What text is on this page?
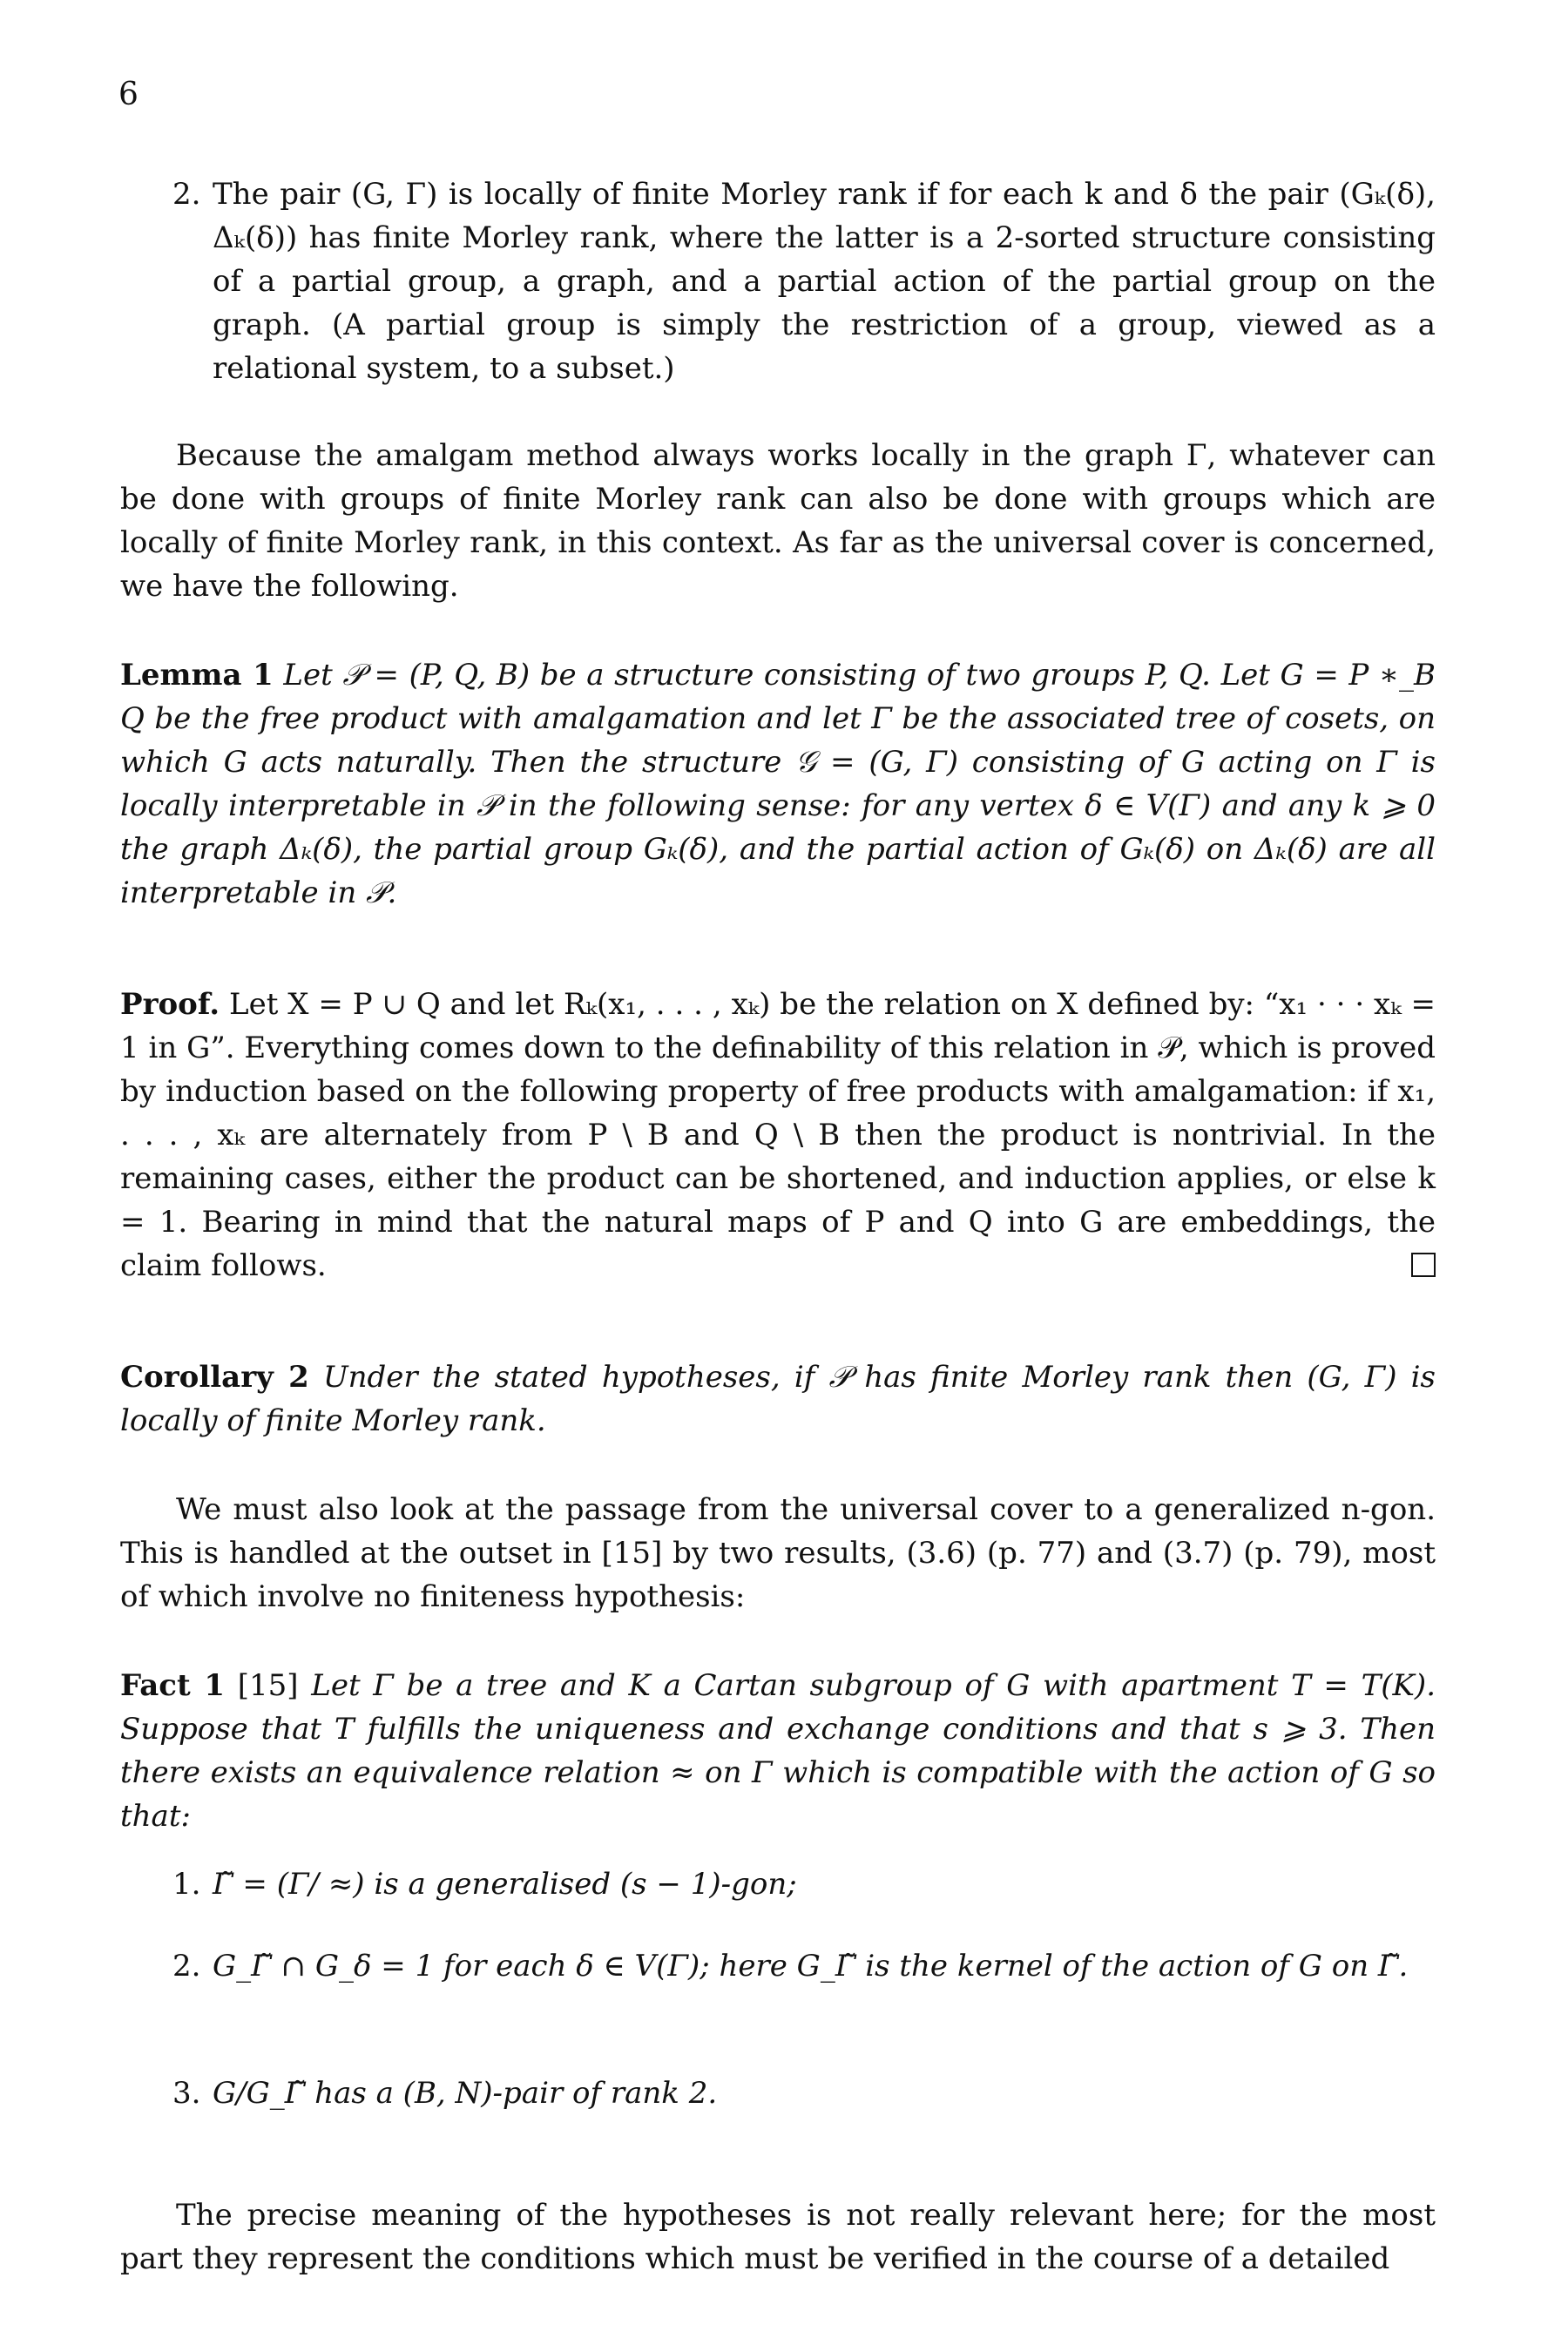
6
2. The pair (G, Γ) is locally of finite Morley rank if for each k and δ the pair (Gₖ(δ), Δₖ(δ)) has finite Morley rank, where the latter is a 2-sorted structure consisting of a partial group, a graph, and a partial action of the partial group on the graph. (A partial group is simply the restriction of a group, viewed as a relational system, to a subset.)

Because the amalgam method always works locally in the graph Γ, whatever can be done with groups of finite Morley rank can also be done with groups which are locally of finite Morley rank, in this context. As far as the universal cover is concerned, we have the following.

Lemma 1 Let 𝒫 = (P, Q, B) be a structure consisting of two groups P, Q. Let G = P ∗_B Q be the free product with amalgamation and let Γ be the associated tree of cosets, on which G acts naturally. Then the structure 𝒢 = (G, Γ) consisting of G acting on Γ is locally interpretable in 𝒫 in the following sense: for any vertex δ ∈ V(Γ) and any k ⩾ 0 the graph Δₖ(δ), the partial group Gₖ(δ), and the partial action of Gₖ(δ) on Δₖ(δ) are all interpretable in 𝒫.
Proof. Let X = P ∪ Q and let Rₖ(x₁, . . . , xₖ) be the relation on X defined by: “x₁ · · · xₖ = 1 in G”. Everything comes down to the definability of this relation in 𝒫, which is proved by induction based on the following property of free products with amalgamation: if x₁, . . . , xₖ are alternately from P \ B and Q \ B then the product is nontrivial. In the remaining cases, either the product can be shortened, and induction applies, or else k = 1. Bearing in mind that the natural maps of P and Q into G are embeddings, the claim follows.
Corollary 2 Under the stated hypotheses, if 𝒫 has finite Morley rank then (G, Γ) is locally of finite Morley rank.

We must also look at the passage from the universal cover to a generalized n-gon. This is handled at the outset in [15] by two results, (3.6) (p. 77) and (3.7) (p. 79), most of which involve no finiteness hypothesis:

Fact 1 [15] Let Γ be a tree and K a Cartan subgroup of G with apartment T = T(K). Suppose that T fulfills the uniqueness and exchange conditions and that s ⩾ 3. Then there exists an equivalence relation ≈ on Γ which is compatible with the action of G so that:
1. Γ̃ = (Γ/ ≈) is a generalised (s − 1)-gon;
2. G_Γ̃ ∩ G_δ = 1 for each δ ∈ V(Γ); here G_Γ̃ is the kernel of the action of G on Γ̃.
3. G/G_Γ̃ has a (B, N)-pair of rank 2.

The precise meaning of the hypotheses is not really relevant here; for the most part they represent the conditions which must be verified in the course of a detailed
